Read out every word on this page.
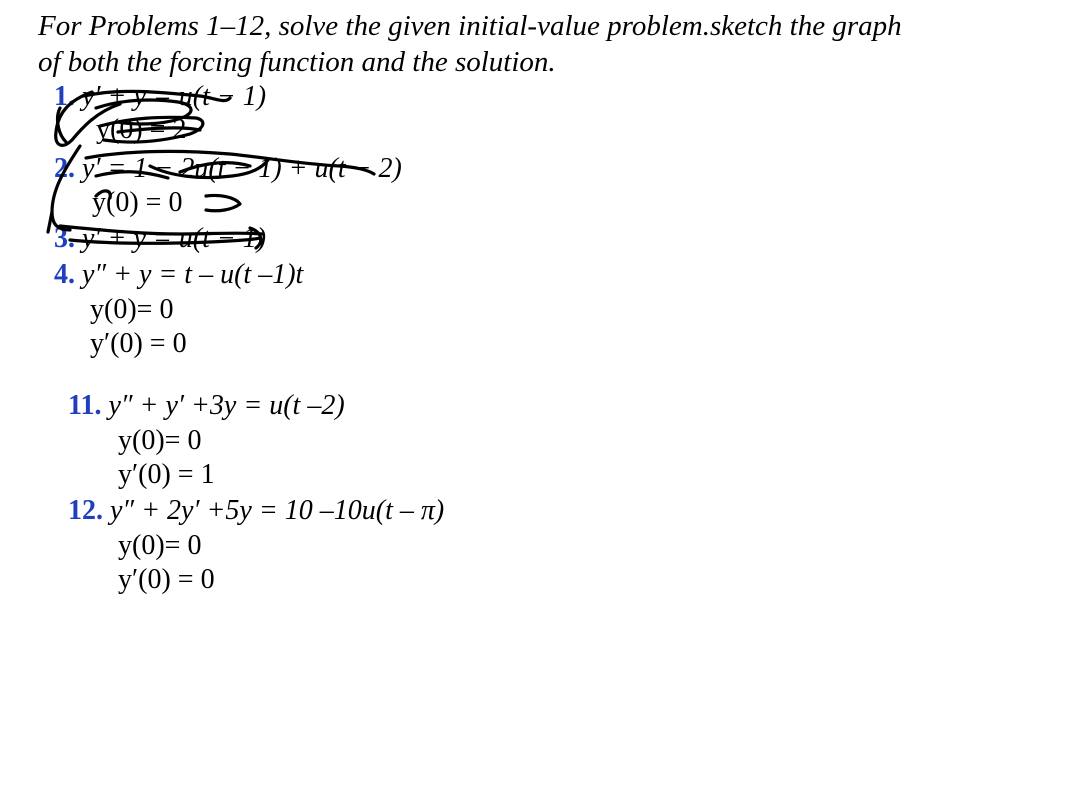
For Problems 1–12, solve the given initial-value problem.sketch the graph
of both the forcing function and the solution.
1. y′ + y = u(t − 1)
y(0) = 2
2. y′ = 1 − 2u(t − 1) + u(t − 2)
y(0) = 0
3. y′ + y = u(t − 1)
4. y″ + y = t – u(t –1)t
y(0)= 0
y′(0) = 0
11. y″ + y′ +3y = u(t –2)
y(0)= 0
y′(0) = 1
12. y″ + 2y′ +5y = 10 –10u(t – π)
y(0)= 0
y′(0) = 0
